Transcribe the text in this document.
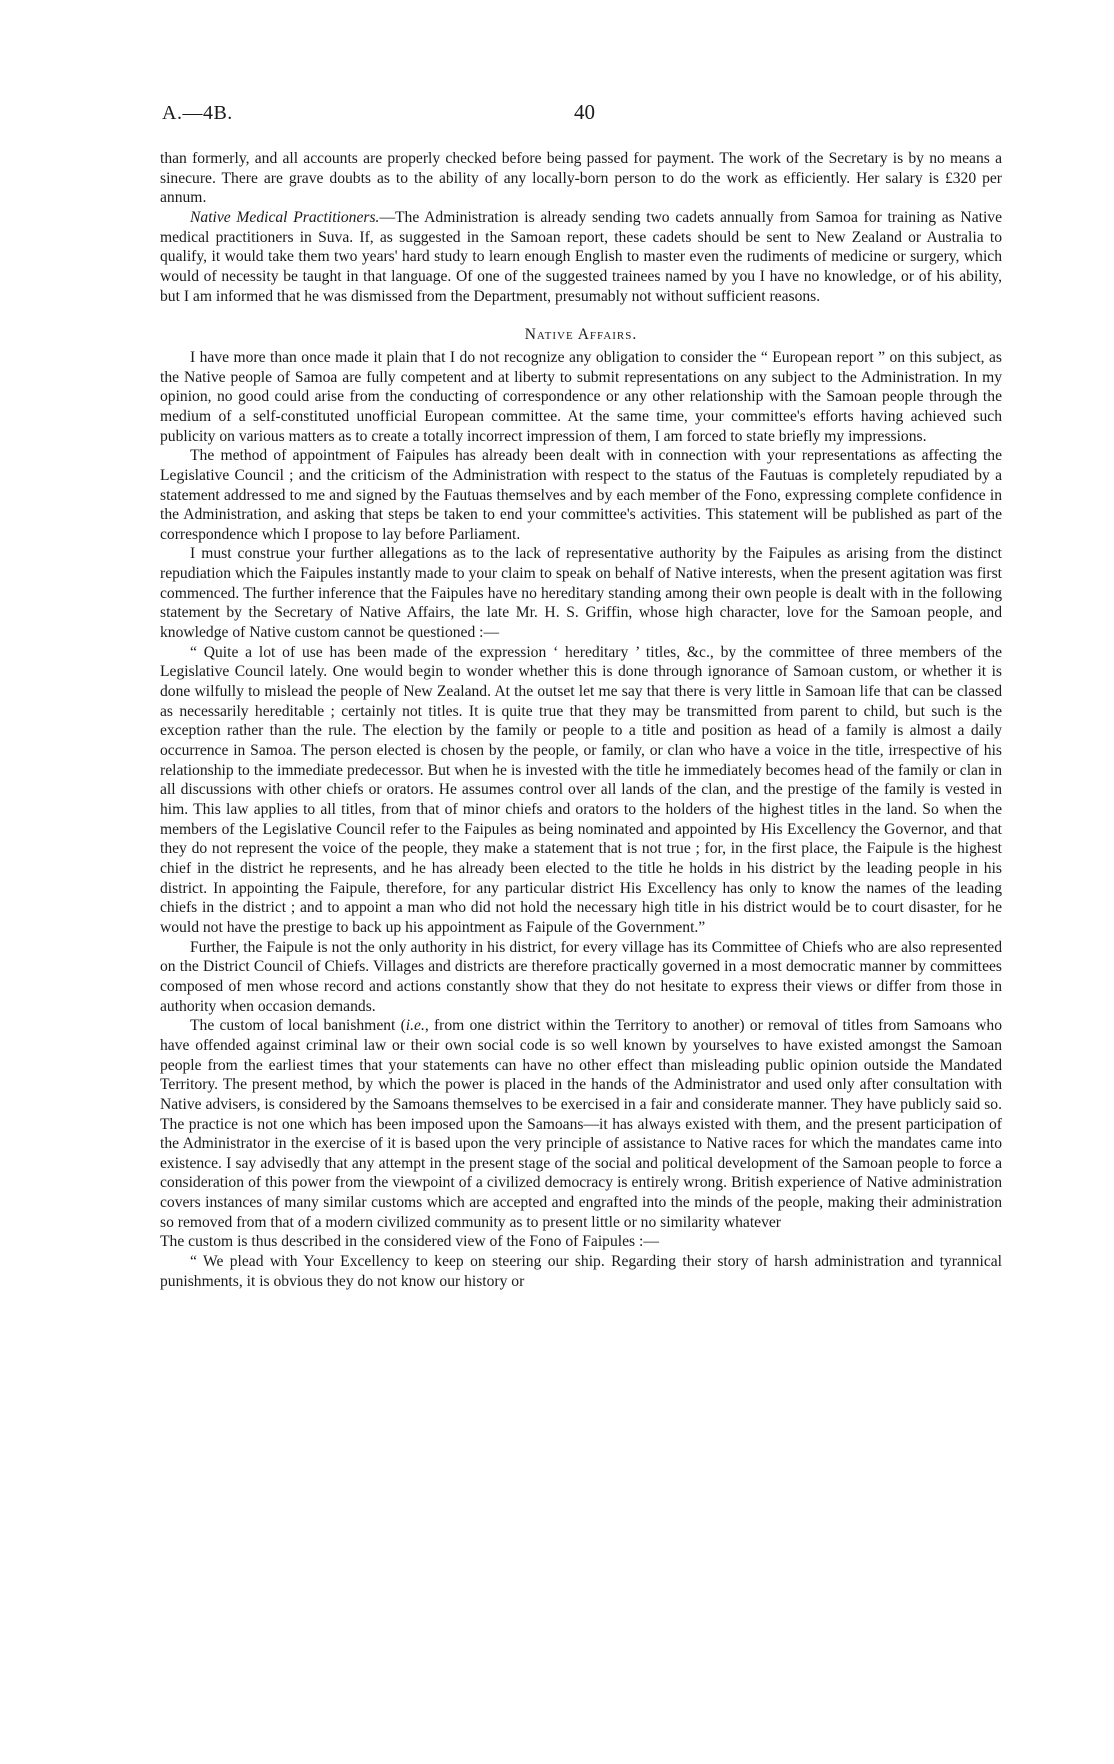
A.—4B.	40

than formerly, and all accounts are properly checked before being passed for payment. The work of the Secretary is by no means a sinecure. There are grave doubts as to the ability of any locally-born person to do the work as efficiently. Her salary is £320 per annum.

Native Medical Practitioners.—The Administration is already sending two cadets annually from Samoa for training as Native medical practitioners in Suva. If, as suggested in the Samoan report, these cadets should be sent to New Zealand or Australia to qualify, it would take them two years' hard study to learn enough English to master even the rudiments of medicine or surgery, which would of necessity be taught in that language. Of one of the suggested trainees named by you I have no knowledge, or of his ability, but I am informed that he was dismissed from the Department, presumably not without sufficient reasons.

Native Affairs.

I have more than once made it plain that I do not recognize any obligation to consider the “ European report ” on this subject, as the Native people of Samoa are fully competent and at liberty to submit representations on any subject to the Administration. In my opinion, no good could arise from the conducting of correspondence or any other relationship with the Samoan people through the medium of a self-constituted unofficial European committee. At the same time, your committee's efforts having achieved such publicity on various matters as to create a totally incorrect impression of them, I am forced to state briefly my impressions.

The method of appointment of Faipules has already been dealt with in connection with your representations as affecting the Legislative Council ; and the criticism of the Administration with respect to the status of the Fautuas is completely repudiated by a statement addressed to me and signed by the Fautuas themselves and by each member of the Fono, expressing complete confidence in the Administration, and asking that steps be taken to end your committee's activities. This statement will be published as part of the correspondence which I propose to lay before Parliament.

I must construe your further allegations as to the lack of representative authority by the Faipules as arising from the distinct repudiation which the Faipules instantly made to your claim to speak on behalf of Native interests, when the present agitation was first commenced. The further inference that the Faipules have no hereditary standing among their own people is dealt with in the following statement by the Secretary of Native Affairs, the late Mr. H. S. Griffin, whose high character, love for the Samoan people, and knowledge of Native custom cannot be questioned :—

“ Quite a lot of use has been made of the expression ‘ hereditary ’ titles, &c., by the committee of three members of the Legislative Council lately. One would begin to wonder whether this is done through ignorance of Samoan custom, or whether it is done wilfully to mislead the people of New Zealand. At the outset let me say that there is very little in Samoan life that can be classed as necessarily hereditable ; certainly not titles. It is quite true that they may be transmitted from parent to child, but such is the exception rather than the rule. The election by the family or people to a title and position as head of a family is almost a daily occurrence in Samoa. The person elected is chosen by the people, or family, or clan who have a voice in the title, irrespective of his relationship to the immediate predecessor. But when he is invested with the title he immediately becomes head of the family or clan in all discussions with other chiefs or orators. He assumes control over all lands of the clan, and the prestige of the family is vested in him. This law applies to all titles, from that of minor chiefs and orators to the holders of the highest titles in the land. So when the members of the Legislative Council refer to the Faipules as being nominated and appointed by His Excellency the Governor, and that they do not represent the voice of the people, they make a statement that is not true ; for, in the first place, the Faipule is the highest chief in the district he represents, and he has already been elected to the title he holds in his district by the leading people in his district. In appointing the Faipule, therefore, for any particular district His Excellency has only to know the names of the leading chiefs in the district ; and to appoint a man who did not hold the necessary high title in his district would be to court disaster, for he would not have the prestige to back up his appointment as Faipule of the Government.”

Further, the Faipule is not the only authority in his district, for every village has its Committee of Chiefs who are also represented on the District Council of Chiefs. Villages and districts are therefore practically governed in a most democratic manner by committees composed of men whose record and actions constantly show that they do not hesitate to express their views or differ from those in authority when occasion demands.

The custom of local banishment (i.e., from one district within the Territory to another) or removal of titles from Samoans who have offended against criminal law or their own social code is so well known by yourselves to have existed amongst the Samoan people from the earliest times that your statements can have no other effect than misleading public opinion outside the Mandated Territory. The present method, by which the power is placed in the hands of the Administrator and used only after consultation with Native advisers, is considered by the Samoans themselves to be exercised in a fair and considerate manner. They have publicly said so. The practice is not one which has been imposed upon the Samoans—it has always existed with them, and the present participation of the Administrator in the exercise of it is based upon the very principle of assistance to Native races for which the mandates came into existence. I say advisedly that any attempt in the present stage of the social and political development of the Samoan people to force a consideration of this power from the viewpoint of a civilized democracy is entirely wrong. British experience of Native administration covers instances of many similar customs which are accepted and engrafted into the minds of the people, making their administration so removed from that of a modern civilized community as to present little or no similarity whatever

The custom is thus described in the considered view of the Fono of Faipules :—

“ We plead with Your Excellency to keep on steering our ship. Regarding their story of harsh administration and tyrannical punishments, it is obvious they do not know our history or
